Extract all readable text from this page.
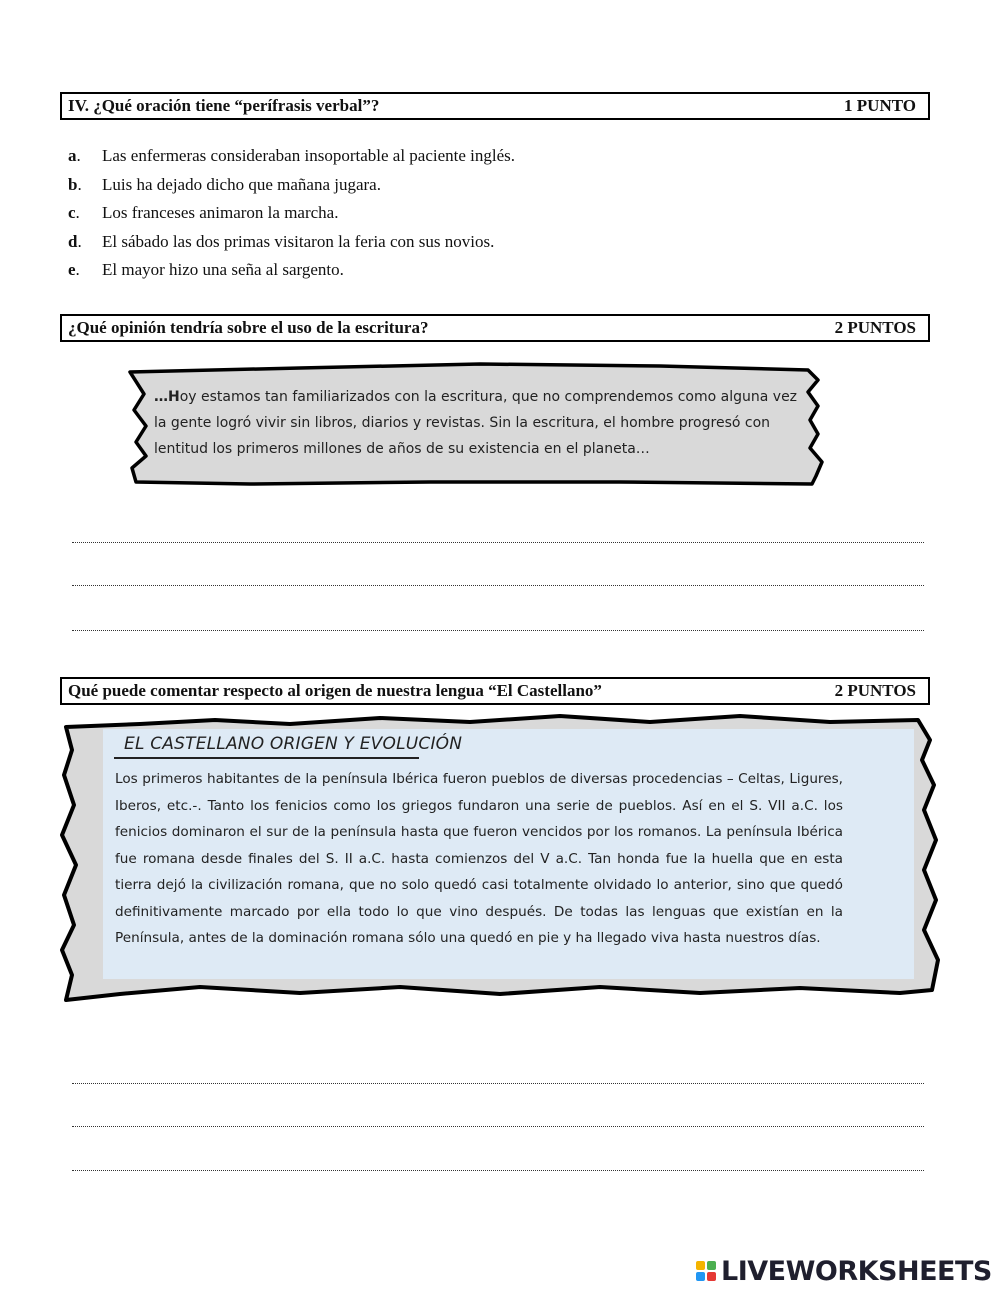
IV. ¿Qué oración tiene “perífrasis verbal”?	1 PUNTO
a.	Las enfermeras consideraban insoportable al paciente inglés.
b.	Luis ha dejado dicho que mañana jugara.
c.	Los franceses animaron la marcha.
d.	El sábado las dos primas visitaron la feria con sus novios.
e.	El mayor hizo una seña al sargento.
¿Qué opinión tendría sobre el uso de la escritura?	2 PUNTOS
…Hoy estamos tan familiarizados con la escritura, que no comprendemos como alguna vez la gente logró vivir sin libros, diarios y revistas. Sin la escritura, el hombre progresó con lentitud los primeros millones de años de su existencia en el planeta…
Qué puede comentar respecto al origen de nuestra lengua “El Castellano”	2 PUNTOS
EL CASTELLANO ORIGEN Y EVOLUCIÓN
Los primeros habitantes de la península Ibérica fueron pueblos de diversas procedencias – Celtas, Ligures, Iberos, etc.-. Tanto los fenicios como los griegos fundaron una serie de pueblos. Así en el S. VII a.C. los fenicios dominaron el sur de la península hasta que fueron vencidos por los romanos. La península Ibérica fue romana desde finales del S. II a.C. hasta comienzos del V a.C. Tan honda fue la huella que en esta tierra dejó la civilización romana, que no solo quedó casi totalmente olvidado lo anterior, sino que quedó definitivamente marcado por ella todo lo que vino después. De todas las lenguas que existían en la Península, antes de la dominación romana sólo una quedó en pie y ha llegado viva hasta nuestros días.
LIVEWORKSHEETS
